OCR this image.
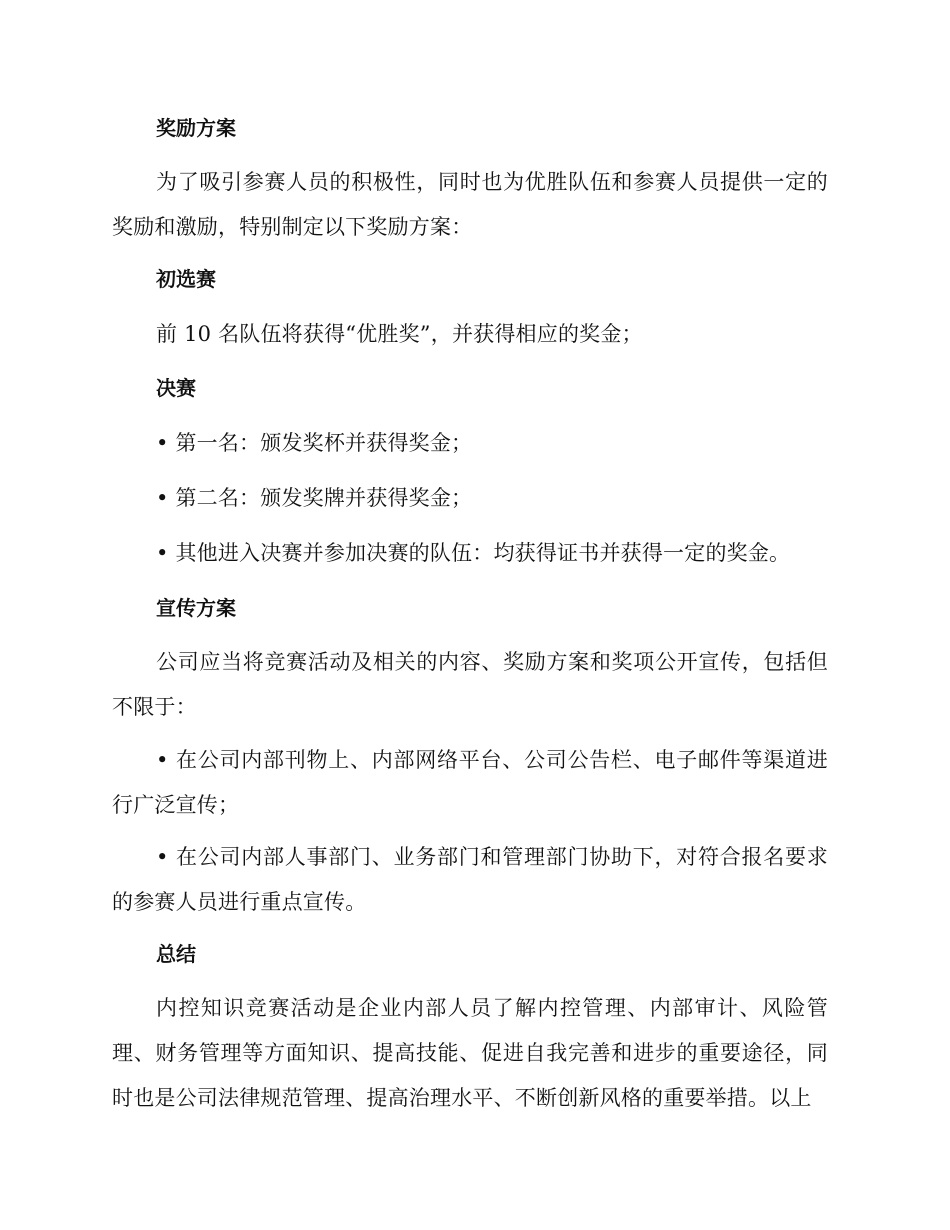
奖励方案

为了吸引参赛人员的积极性，同时也为优胜队伍和参赛人员提供一定的奖励和激励，特别制定以下奖励方案：

初选赛

前 10 名队伍将获得“优胜奖”，并获得相应的奖金；

决赛

• 第一名：颁发奖杯并获得奖金；

• 第二名：颁发奖牌并获得奖金；

• 其他进入决赛并参加决赛的队伍：均获得证书并获得一定的奖金。

宣传方案

公司应当将竞赛活动及相关的内容、奖励方案和奖项公开宣传，包括但不限于：

• 在公司内部刊物上、内部网络平台、公司公告栏、电子邮件等渠道进行广泛宣传；

• 在公司内部人事部门、业务部门和管理部门协助下，对符合报名要求的参赛人员进行重点宣传。

总结

内控知识竞赛活动是企业内部人员了解内控管理、内部审计、风险管理、财务管理等方面知识、提高技能、促进自我完善和进步的重要途径，同时也是公司法律规范管理、提高治理水平、不断创新风格的重要举措。以上
